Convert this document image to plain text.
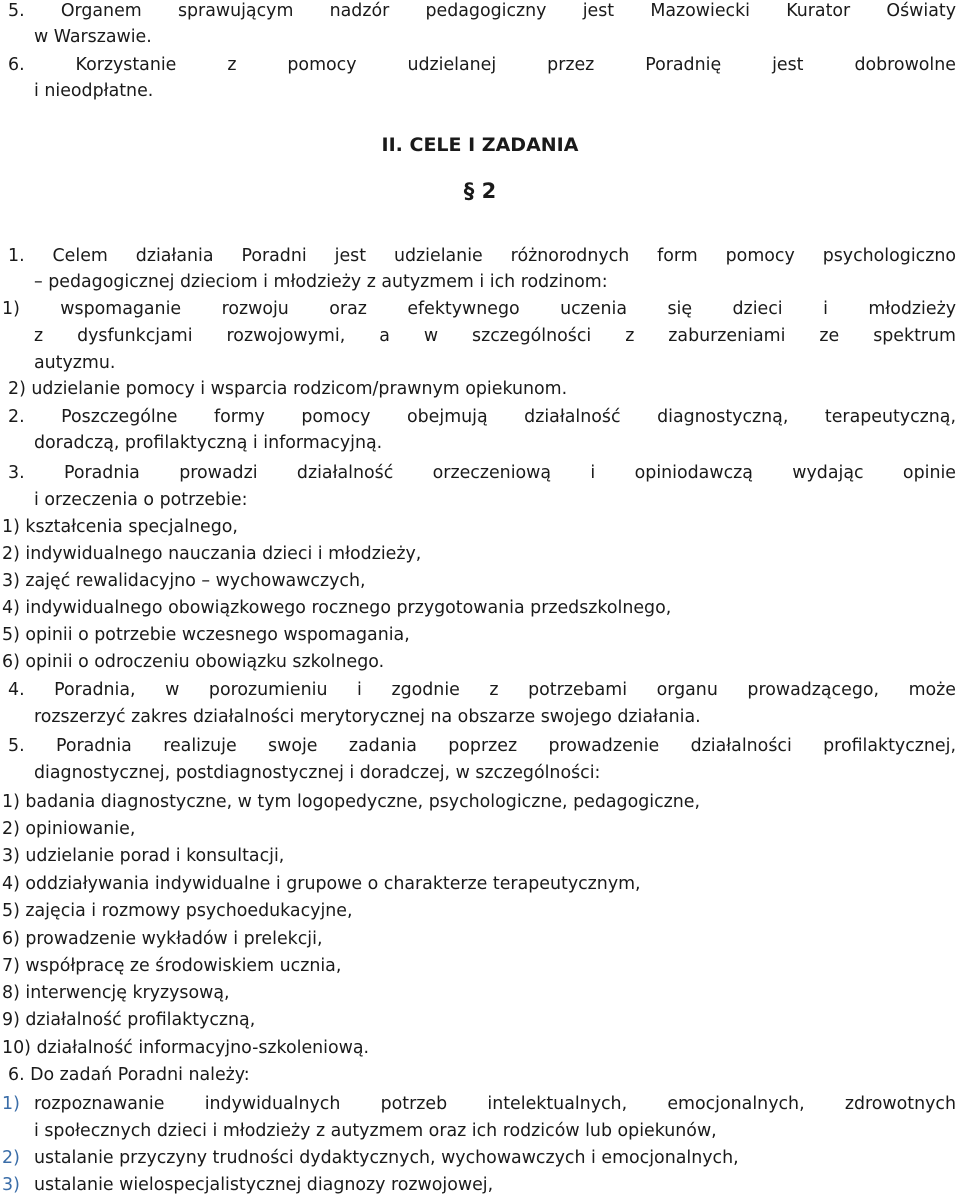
5. Organem sprawującym nadzór pedagogiczny jest Mazowiecki Kurator Oświaty
w Warszawie.
6. Korzystanie z pomocy udzielanej przez Poradnię jest dobrowolne
i nieodpłatne.
II. CELE I ZADANIA
§ 2
1. Celem działania Poradni jest udzielanie różnorodnych form pomocy psychologiczno
– pedagogicznej dzieciom i młodzieży z autyzmem i ich rodzinom:
1) wspomaganie rozwoju oraz efektywnego uczenia się dzieci i młodzieży
z dysfunkcjami rozwojowymi, a w szczególności z zaburzeniami ze spektrum
autyzmu.
2) udzielanie pomocy i wsparcia rodzicom/prawnym opiekunom.
2. Poszczególne formy pomocy obejmują działalność diagnostyczną, terapeutyczną,
doradczą, profilaktyczną i informacyjną.
3. Poradnia prowadzi działalność orzeczeniową i opiniodawczą wydając opinie
i orzeczenia o potrzebie:
1) kształcenia specjalnego,
2) indywidualnego nauczania dzieci i młodzieży,
3) zajęć rewalidacyjno – wychowawczych,
4) indywidualnego obowiązkowego rocznego przygotowania przedszkolnego,
5) opinii o potrzebie wczesnego wspomagania,
6) opinii o odroczeniu obowiązku szkolnego.
4. Poradnia, w porozumieniu i zgodnie z potrzebami organu prowadzącego, może
rozszerzyć zakres działalności merytorycznej na obszarze swojego działania.
5. Poradnia realizuje swoje zadania poprzez prowadzenie działalności profilaktycznej,
diagnostycznej, postdiagnostycznej i doradczej, w szczególności:
1) badania diagnostyczne, w tym logopedyczne, psychologiczne, pedagogiczne,
2) opiniowanie,
3) udzielanie porad i konsultacji,
4) oddziaływania indywidualne i grupowe o charakterze terapeutycznym,
5) zajęcia i rozmowy psychoedukacyjne,
6) prowadzenie wykładów i prelekcji,
7) współpracę ze środowiskiem ucznia,
8) interwencję kryzysową,
9) działalność profilaktyczną,
10) działalność informacyjno-szkoleniową.
6. Do zadań Poradni należy:
1) rozpoznawanie indywidualnych potrzeb intelektualnych, emocjonalnych, zdrowotnych
i społecznych dzieci i młodzieży z autyzmem oraz ich rodziców lub opiekunów,
2) ustalanie przyczyny trudności dydaktycznych, wychowawczych i emocjonalnych,
3) ustalanie wielospecjalistycznej diagnozy rozwojowej,
